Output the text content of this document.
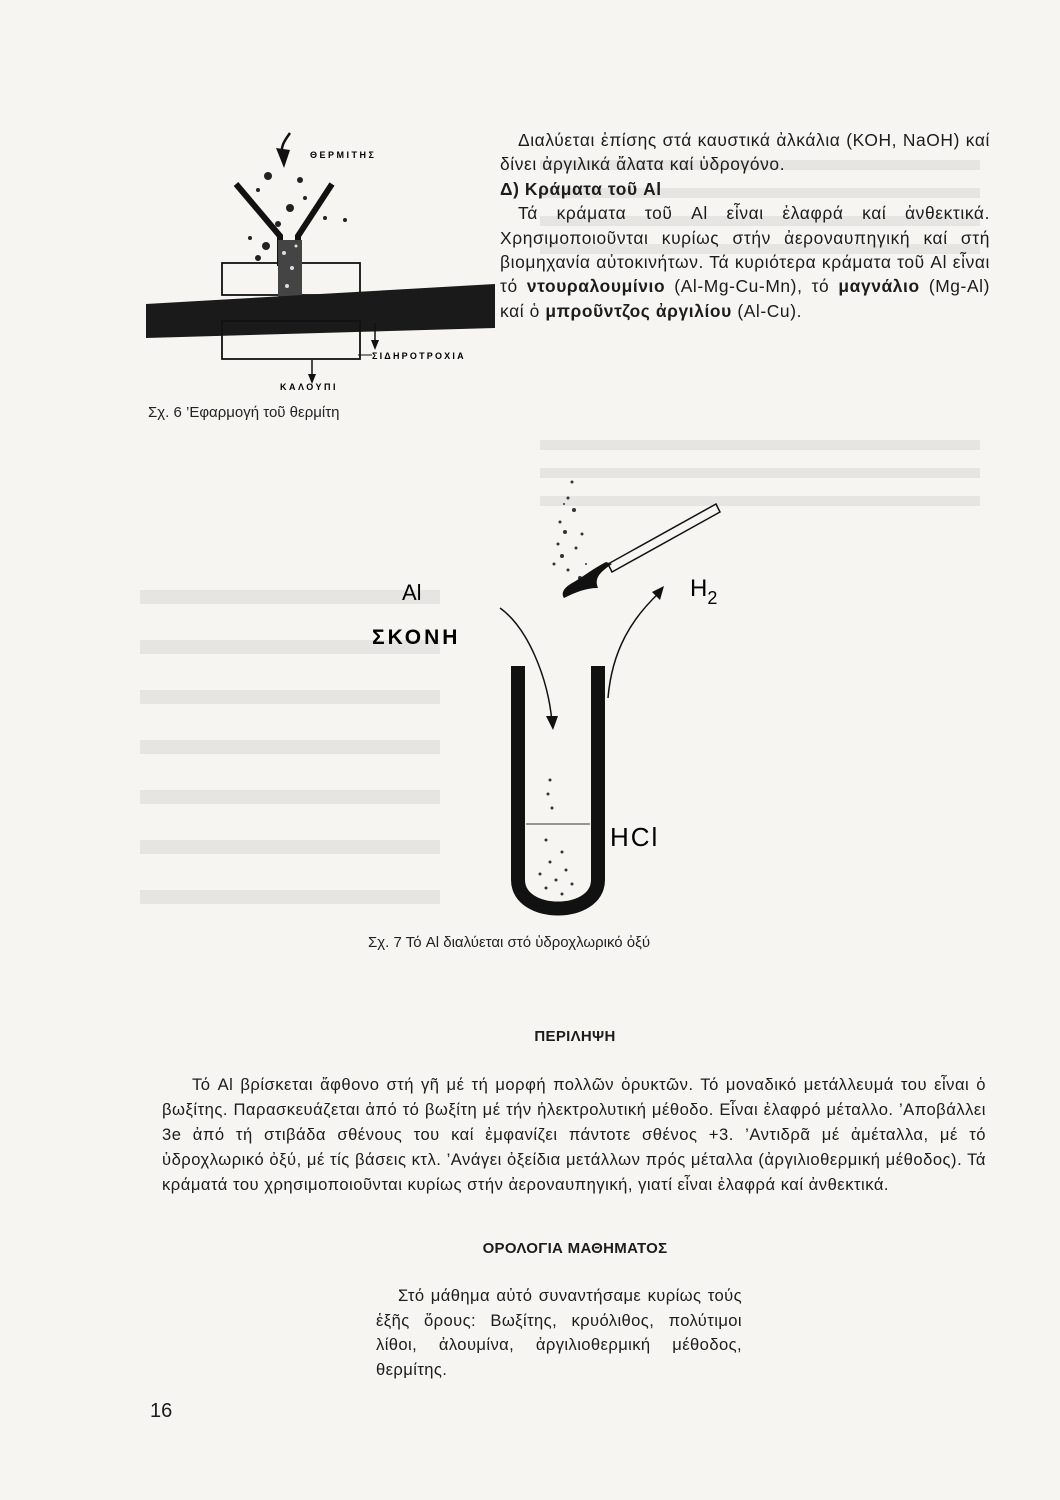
ΘΕΡΜΙΤΗΣ
ΣΙΔΗΡΟΤΡΟΧΙΑ
ΚΑΛΟΥΠΙ
Σχ. 6 ’Εφαρμογή τοῦ θερμίτη

Διαλύεται ἐπίσης στά καυστικά ἀλκάλια (ΚΟΗ, NaOH) καί δίνει ἀργιλικά ἄλατα καί ὑδρογόνο.

Δ) Κράματα τοῦ Al

Τά κράματα τοῦ Al εἶναι ἐλαφρά καί ἀνθεκτικά. Χρησιμοποιοῦνται κυρίως στήν ἀεροναυπηγική καί στή βιομηχανία αὐτοκινήτων. Τά κυριότερα κράματα τοῦ Al εἶναι τό ντουραλουμίνιο (Al-Mg-Cu-Mn), τό μαγνάλιο (Mg-Al) καί ὁ μπροῦντζος ἀργιλίου (Al-Cu).

Al
ΣΚΟΝΗ
$H_2$
HCl
Σχ. 7 Τό Al διαλύεται στό ὑδροχλωρικό ὀξύ
ΠΕΡΙΛΗΨΗ

Τό Al βρίσκεται ἄφθονο στή γῆ μέ τή μορφή πολλῶν ὀρυκτῶν. Τό μοναδικό μετάλλευμά του εἶναι ὁ βωξίτης. Παρασκευάζεται ἀπό τό βωξίτη μέ τήν ἠλεκτρολυτική μέθοδο. Εἶναι ἐλαφρό μέταλλο. ’Αποβάλλει 3e ἀπό τή στιβάδα σθένους του καί ἐμφανίζει πάντοτε σθένος +3. ’Αντιδρᾶ μέ ἀμέταλλα, μέ τό ὑδροχλωρικό ὀξύ, μέ τίς βάσεις κτλ. ’Ανάγει ὀξείδια μετάλλων πρός μέταλλα (ἀργιλιοθερμική μέθοδος). Τά κράματά του χρησιμοποιοῦνται κυρίως στήν ἀεροναυπηγική, γιατί εἶναι ἐλαφρά καί ἀνθεκτικά.

ΟΡΟΛΟΓΙΑ ΜΑΘΗΜΑΤΟΣ

Στό μάθημα αὐτό συναντήσαμε κυρίως τούς ἑξῆς ὅρους: Βωξίτης, κρυόλιθος, πολύτιμοι λίθοι, ἀλουμίνα, ἀργιλιοθερμική μέθοδος, θερμίτης.

16
